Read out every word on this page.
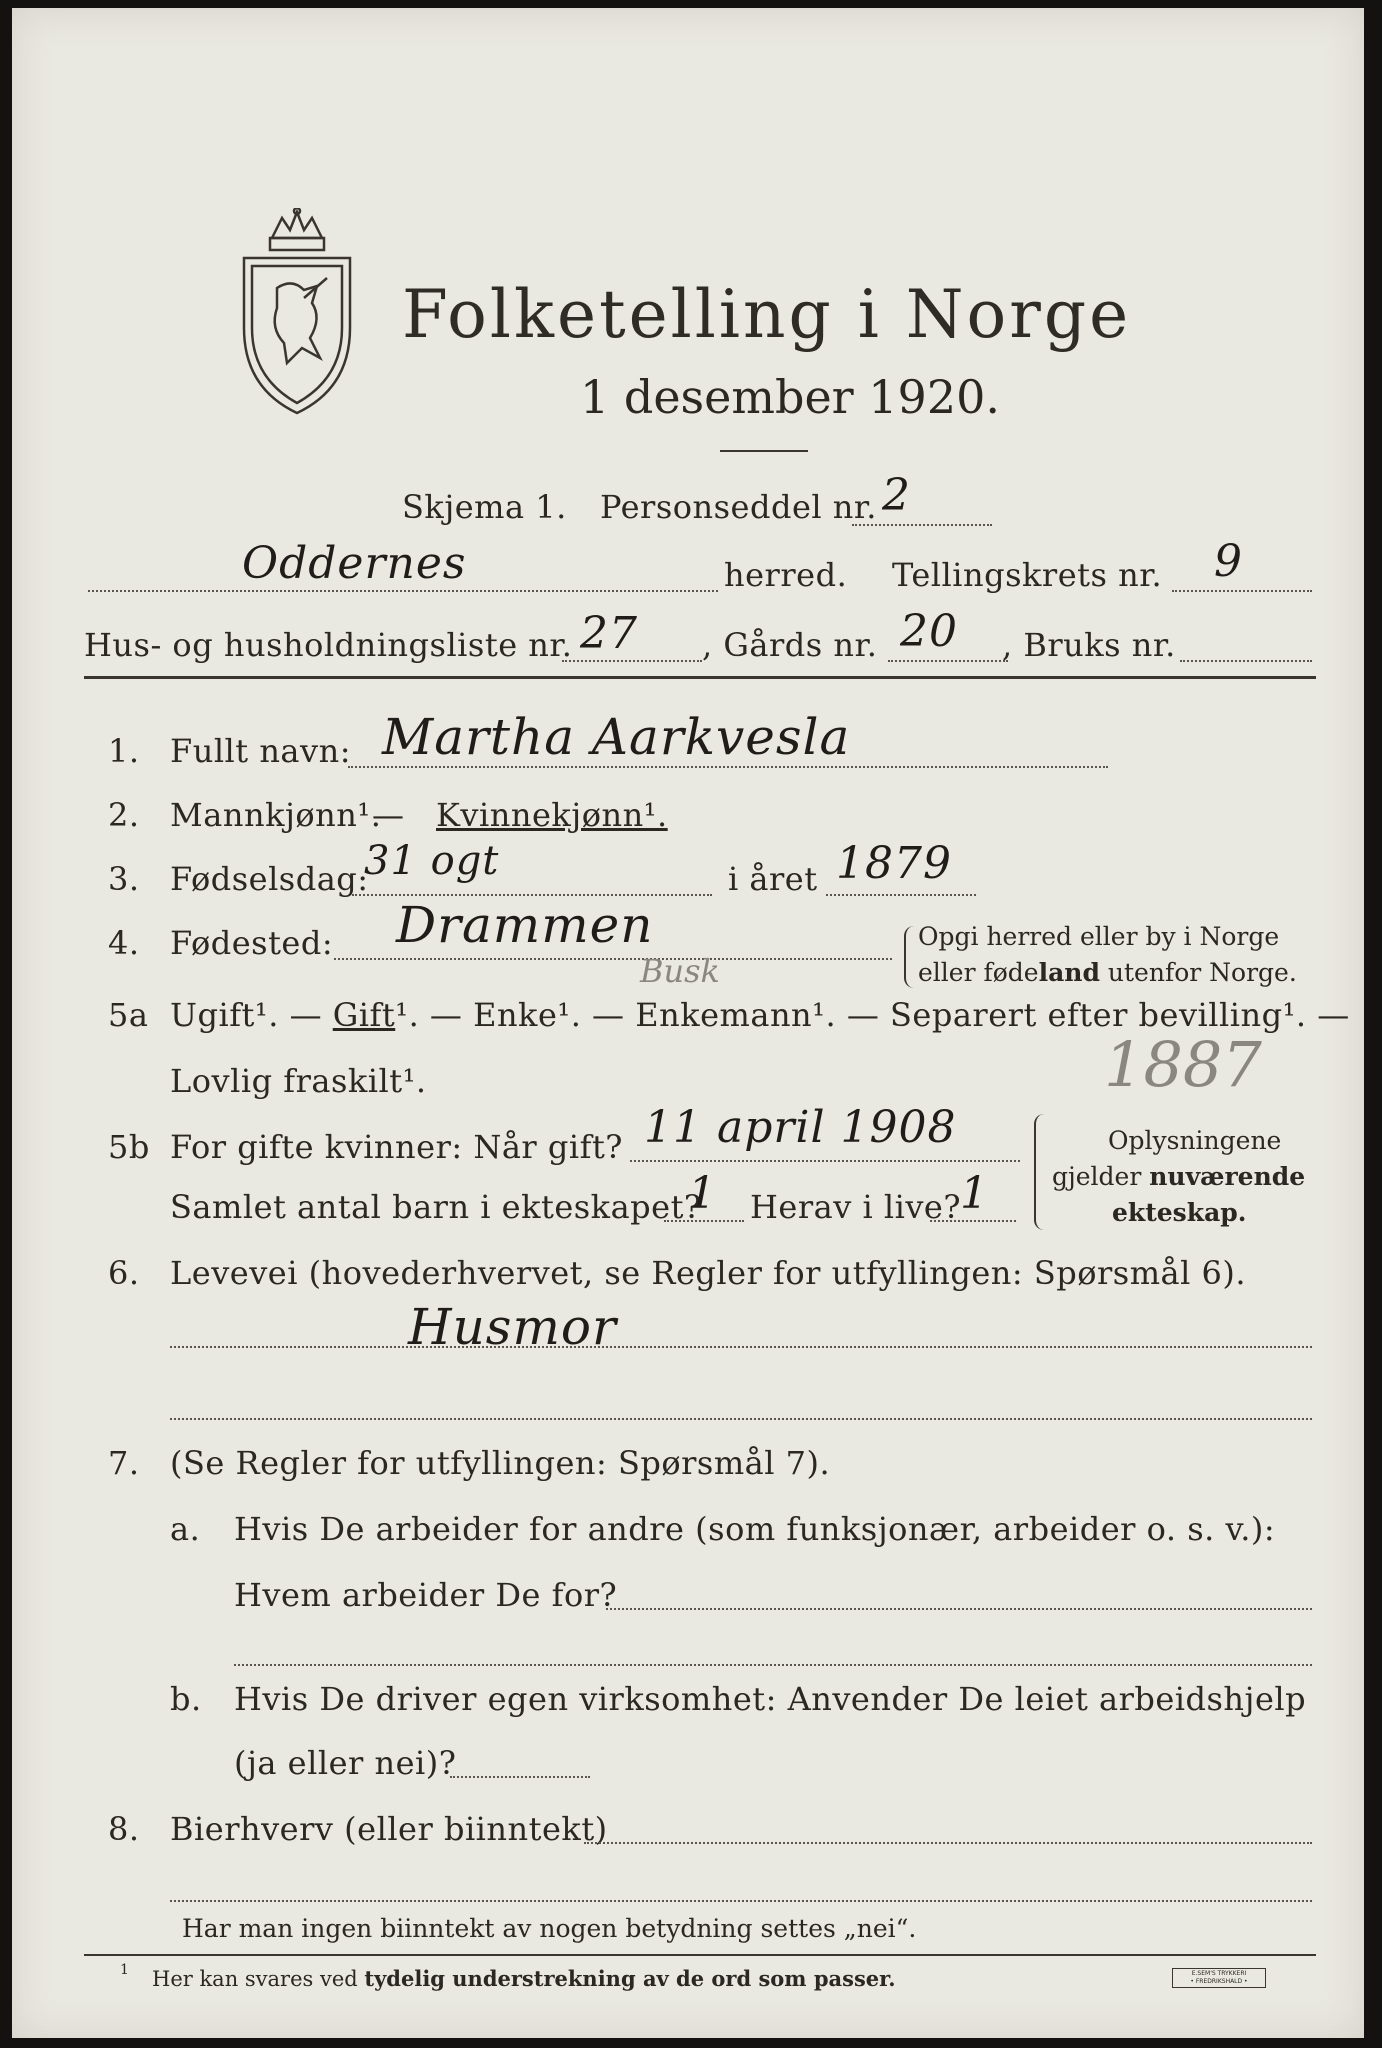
Folketelling i Norge
1 desember 1920.
Skjema 1. Personseddel nr. 2
Oddernes	herred. Tellingskrets nr. 9
Hus- og husholdningsliste nr. 27 , Gårds nr. 20 , Bruks nr.
1. Fullt navn: Martha Aarkvesla
2. Mannkjønn¹.
— Kvinnekjønn¹.
3. Fødselsdag:
31 ogt	i året 1879
4. Fødested: Drammen
Busk
Opgi herred eller by i Norge
eller fødeland utenfor Norge.
5a Ugift¹. — Gift¹. — Enke¹. — Enkemann¹. — Separert efter bevilling¹. —
Lovlig fraskilt¹.	1887
5b For gifte kvinner: Når gift? 11 april 1908
Samlet antal barn i ekteskapet?
1 Herav i live?
1
Oplysningene
gjelder nuværende
ekteskap.
6. Levevei (hovederhvervet, se Regler for utfyllingen: Spørsmål 6).
Husmor
7. (Se Regler for utfyllingen: Spørsmål 7).
a. Hvis De arbeider for andre (som funksjonær, arbeider o. s. v.):
Hvem arbeider De for?
b. Hvis De driver egen virksomhet: Anvender De leiet arbeidshjelp
(ja eller nei)?
8. Bierhverv (eller biinntekt)
Har man ingen biinntekt av nogen betydning settes „nei“.
1 Her kan svares ved tydelig understrekning av de ord som passer.	E.SEM'S TRYKKERI
• FREDRIKSHALD •
